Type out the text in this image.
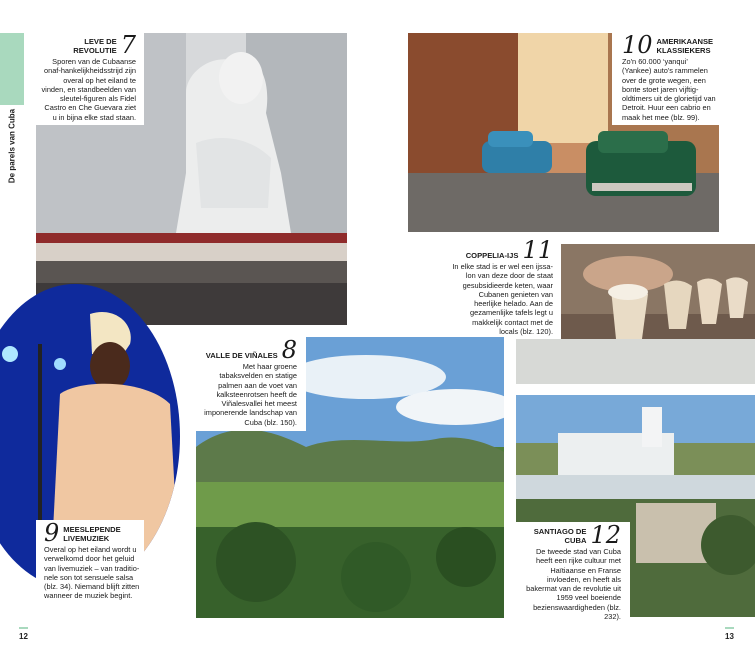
De parels van Cuba
LEVE DE REVOLUTIE 7
Sporen van de Cubaanse onaf-hankelijkheidsstrijd zijn overal op het eiland te vinden, en standbeelden van sleutel-figuren als Fidel Castro en Che Guevara ziet u in bijna elke stad staan.
10 AMERIKAANSE KLASSIEKERS
Zo'n 60.000 ‘yanqui’ (Yankee) auto's rammelen over de grote wegen, een bonte stoet jaren vijftig-oldtimers uit de glorietijd van Detroit. Huur een cabrio en maak het mee (blz. 99).
COPPELIA-IJS 11
In elke stad is er wel een ijssa-lon van deze door de staat gesubsidieerde keten, waar Cubanen genieten van heerlijke helado. Aan de gezamenlijke tafels legt u makkelijk contact met de locals (blz. 120).
VALLE DE VIÑALES 8
Met haar groene tabaksvelden en statige palmen aan de voet van kalksteenrotsen heeft de Viñalesvallei het meest imponerende landschap van Cuba (blz. 150).
9 MEESLEPENDE LIVEMUZIEK
Overal op het eiland wordt u verwelkomd door het geluid van livemuziek – van traditio-nele son tot sensuele salsa (blz. 34). Niemand blijft zitten wanneer de muziek begint.
SANTIAGO DE CUBA 12
De tweede stad van Cuba heeft een rijke cultuur met Haïtiaanse en Franse invloeden, en heeft als bakermat van de revolutie uit 1959 veel boeiende bezienswaardigheden (blz. 232).
12	13
